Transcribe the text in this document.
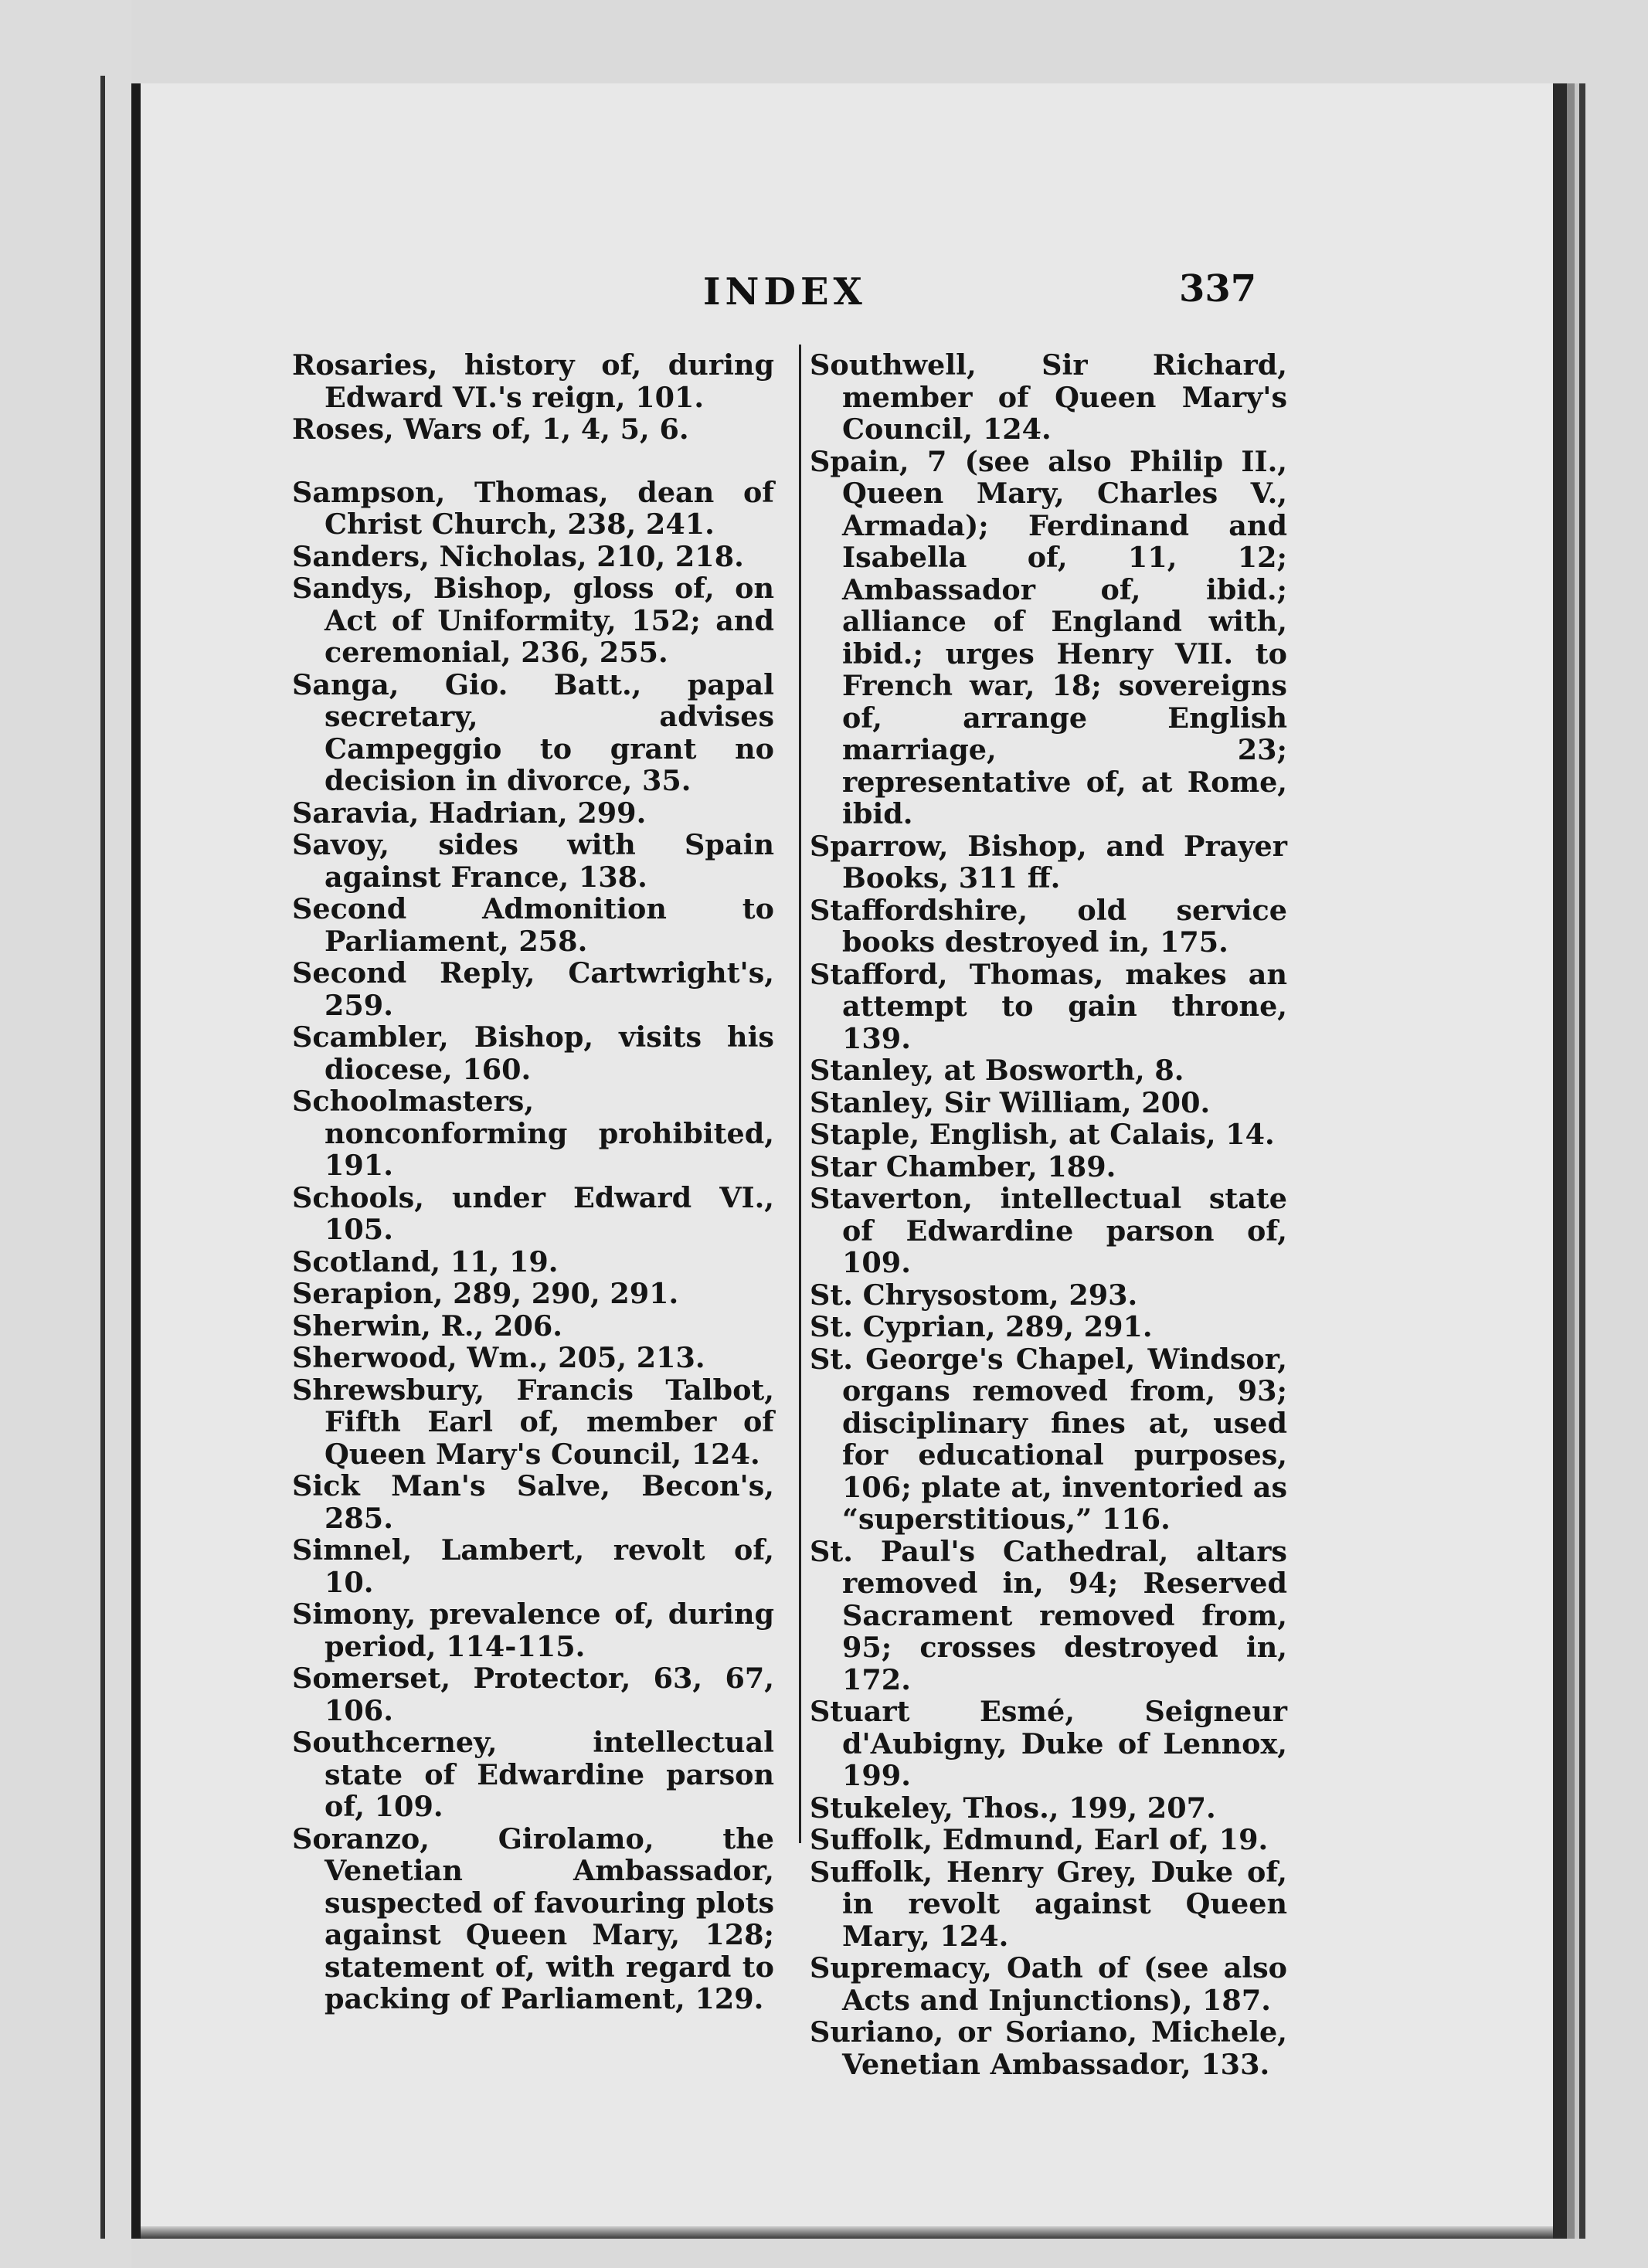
INDEX	337

Rosaries, history of, during Edward VI.'s reign, 101.

Roses, Wars of, 1, 4, 5, 6.

Sampson, Thomas, dean of Christ Church, 238, 241.

Sanders, Nicholas, 210, 218.

Sandys, Bishop, gloss of, on Act of Uniformity, 152; and ceremonial, 236, 255.

Sanga, Gio. Batt., papal secretary, advises Campeggio to grant no decision in divorce, 35.

Saravia, Hadrian, 299.

Savoy, sides with Spain against France, 138.

Second Admonition to Parliament, 258.

Second Reply, Cartwright's, 259.

Scambler, Bishop, visits his diocese, 160.

Schoolmasters, nonconforming prohibited, 191.

Schools, under Edward VI., 105.

Scotland, 11, 19.

Serapion, 289, 290, 291.

Sherwin, R., 206.

Sherwood, Wm., 205, 213.

Shrewsbury, Francis Talbot, Fifth Earl of, member of Queen Mary's Council, 124.

Sick Man's Salve, Becon's, 285.

Simnel, Lambert, revolt of, 10.

Simony, prevalence of, during period, 114-115.

Somerset, Protector, 63, 67, 106.

Southcerney, intellectual state of Edwardine parson of, 109.

Soranzo, Girolamo, the Venetian Ambassador, suspected of favouring plots against Queen Mary, 128; statement of, with regard to packing of Parliament, 129.

Southwell, Sir Richard, member of Queen Mary's Council, 124.

Spain, 7 (see also Philip II., Queen Mary, Charles V., Armada); Ferdinand and Isabella of, 11, 12; Ambassador of, ibid.; alliance of England with, ibid.; urges Henry VII. to French war, 18; sovereigns of, arrange English marriage, 23; representative of, at Rome, ibid.

Sparrow, Bishop, and Prayer Books, 311 ff.

Staffordshire, old service books destroyed in, 175.

Stafford, Thomas, makes an attempt to gain throne, 139.

Stanley, at Bosworth, 8.

Stanley, Sir William, 200.

Staple, English, at Calais, 14.

Star Chamber, 189.

Staverton, intellectual state of Edwardine parson of, 109.

St. Chrysostom, 293.

St. Cyprian, 289, 291.

St. George's Chapel, Windsor, organs removed from, 93; disciplinary fines at, used for educational purposes, 106; plate at, inventoried as “superstitious,” 116.

St. Paul's Cathedral, altars removed in, 94; Reserved Sacrament removed from, 95; crosses destroyed in, 172.

Stuart Esmé, Seigneur d'Aubigny, Duke of Lennox, 199.

Stukeley, Thos., 199, 207.

Suffolk, Edmund, Earl of, 19.

Suffolk, Henry Grey, Duke of, in revolt against Queen Mary, 124.

Supremacy, Oath of (see also Acts and Injunctions), 187.

Suriano, or Soriano, Michele, Venetian Ambassador, 133.
